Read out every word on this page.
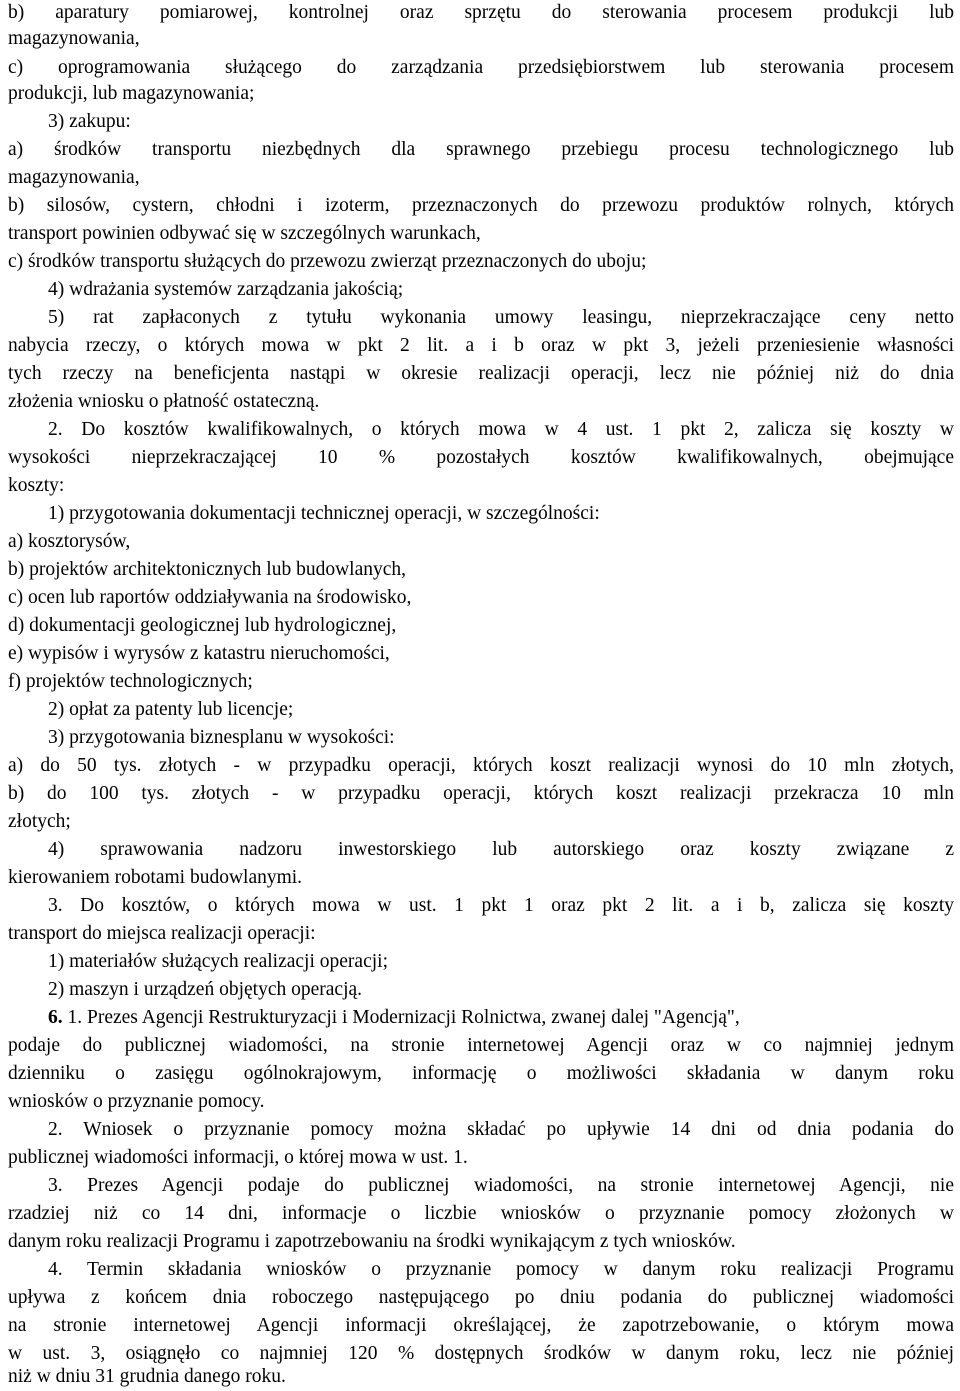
b) aparatury pomiarowej, kontrolnej oraz sprzętu do sterowania procesem produkcji lub

magazynowania,

c) oprogramowania służącego do zarządzania przedsiębiorstwem lub sterowania procesem

produkcji, lub magazynowania;

3) zakupu:

a) środków transportu niezbędnych dla sprawnego przebiegu procesu technologicznego lub

magazynowania,

b) silosów, cystern, chłodni i izoterm, przeznaczonych do przewozu produktów rolnych, których

transport powinien odbywać się w szczególnych warunkach,

c) środków transportu służących do przewozu zwierząt przeznaczonych do uboju;

4) wdrażania systemów zarządzania jakością;

5) rat zapłaconych z tytułu wykonania umowy leasingu, nieprzekraczające ceny netto

nabycia rzeczy, o których mowa w pkt 2 lit. a i b oraz w pkt 3, jeżeli przeniesienie własności

tych rzeczy na beneficjenta nastąpi w okresie realizacji operacji, lecz nie później niż do dnia

złożenia wniosku o płatność ostateczną.

2. Do kosztów kwalifikowalnych, o których mowa w 4 ust. 1 pkt 2, zalicza się koszty w

wysokości nieprzekraczającej 10 % pozostałych kosztów kwalifikowalnych, obejmujące

koszty:

1) przygotowania dokumentacji technicznej operacji, w szczególności:

a) kosztorysów,

b) projektów architektonicznych lub budowlanych,

c) ocen lub raportów oddziaływania na środowisko,

d) dokumentacji geologicznej lub hydrologicznej,

e) wypisów i wyrysów z katastru nieruchomości,

f) projektów technologicznych;

2) opłat za patenty lub licencje;

3) przygotowania biznesplanu w wysokości:

a) do 50 tys. złotych - w przypadku operacji, których koszt realizacji wynosi do 10 mln złotych,

b) do 100 tys. złotych - w przypadku operacji, których koszt realizacji przekracza 10 mln

złotych;

4) sprawowania nadzoru inwestorskiego lub autorskiego oraz koszty związane z

kierowaniem robotami budowlanymi.

3. Do kosztów, o których mowa w ust. 1 pkt 1 oraz pkt 2 lit. a i b, zalicza się koszty

transport do miejsca realizacji operacji:

1) materiałów służących realizacji operacji;

2) maszyn i urządzeń objętych operacją.

6. 1. Prezes Agencji Restrukturyzacji i Modernizacji Rolnictwa, zwanej dalej "Agencją",

podaje do publicznej wiadomości, na stronie internetowej Agencji oraz w co najmniej jednym

dzienniku o zasięgu ogólnokrajowym, informację o możliwości składania w danym roku

wniosków o przyznanie pomocy.

2. Wniosek o przyznanie pomocy można składać po upływie 14 dni od dnia podania do

publicznej wiadomości informacji, o której mowa w ust. 1.

3. Prezes Agencji podaje do publicznej wiadomości, na stronie internetowej Agencji, nie

rzadziej niż co 14 dni, informacje o liczbie wniosków o przyznanie pomocy złożonych w

danym roku realizacji Programu i zapotrzebowaniu na środki wynikającym z tych wniosków.

4. Termin składania wniosków o przyznanie pomocy w danym roku realizacji Programu

upływa z końcem dnia roboczego następującego po dniu podania do publicznej wiadomości

na stronie internetowej Agencji informacji określającej, że zapotrzebowanie, o którym mowa

w ust. 3, osiągnęło co najmniej 120 % dostępnych środków w danym roku, lecz nie później

niż w dniu 31 grudnia danego roku.
